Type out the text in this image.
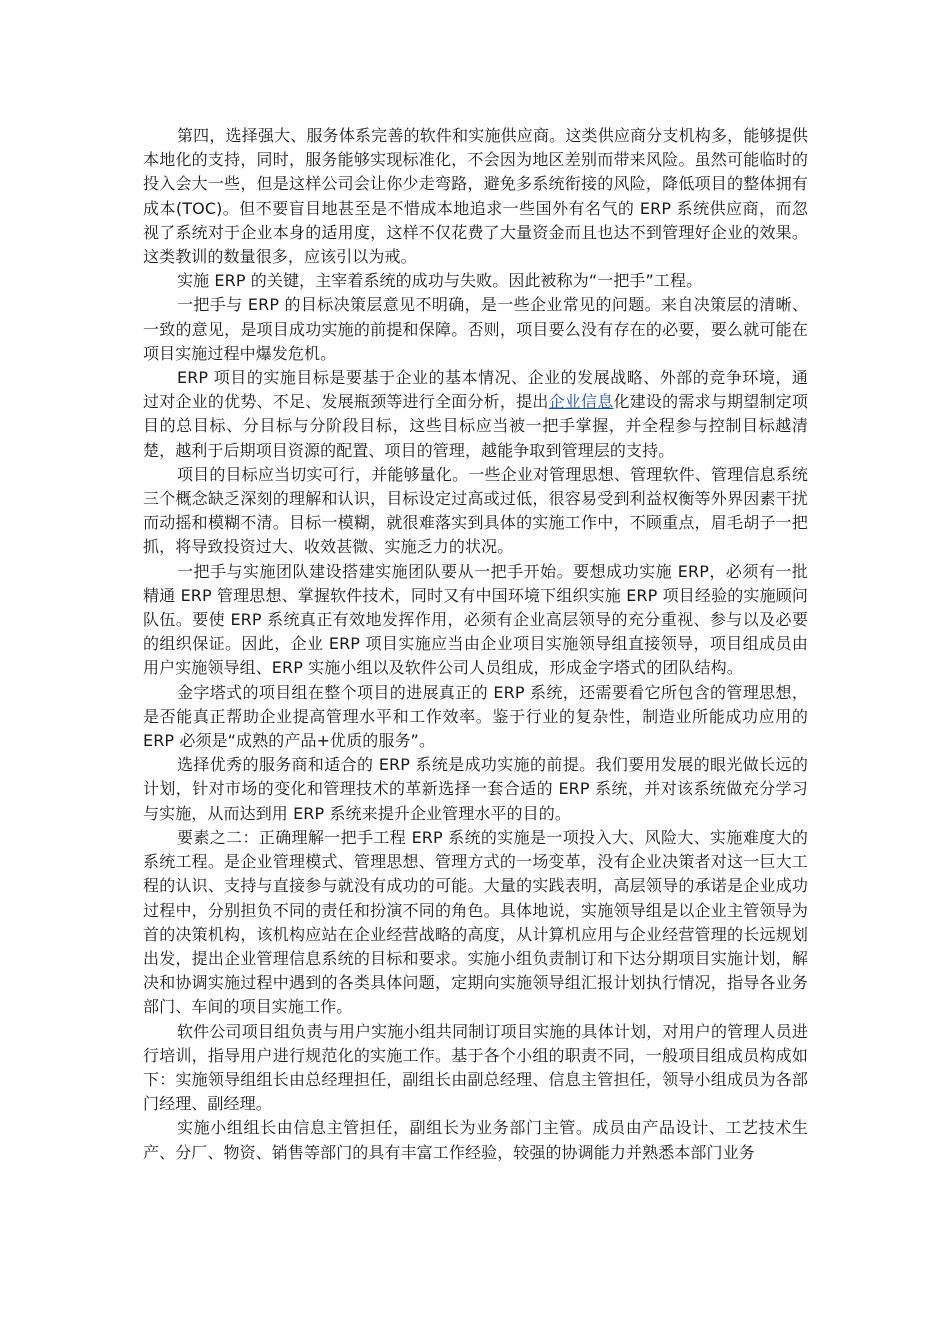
第四，选择强大、服务体系完善的软件和实施供应商。这类供应商分支机构多，能够提供本地化的支持，同时，服务能够实现标准化，不会因为地区差别而带来风险。虽然可能临时的投入会大一些，但是这样公司会让你少走弯路，避免多系统衔接的风险，降低项目的整体拥有成本(TOC)。但不要盲目地甚至是不惜成本地追求一些国外有名气的 ERP 系统供应商，而忽视了系统对于企业本身的适用度，这样不仅花费了大量资金而且也达不到管理好企业的效果。这类教训的数量很多，应该引以为戒。

实施 ERP 的关键，主宰着系统的成功与失败。因此被称为“一把手”工程。

一把手与 ERP 的目标决策层意见不明确，是一些企业常见的问题。来自决策层的清晰、一致的意见，是项目成功实施的前提和保障。否则，项目要么没有存在的必要，要么就可能在项目实施过程中爆发危机。

ERP 项目的实施目标是要基于企业的基本情况、企业的发展战略、外部的竞争环境，通过对企业的优势、不足、发展瓶颈等进行全面分析，提出企业信息化建设的需求与期望制定项目的总目标、分目标与分阶段目标，这些目标应当被一把手掌握，并全程参与控制目标越清楚，越利于后期项目资源的配置、项目的管理，越能争取到管理层的支持。

项目的目标应当切实可行，并能够量化。一些企业对管理思想、管理软件、管理信息系统三个概念缺乏深刻的理解和认识，目标设定过高或过低，很容易受到利益权衡等外界因素干扰而动摇和模糊不清。目标一模糊，就很难落实到具体的实施工作中，不顾重点，眉毛胡子一把抓，将导致投资过大、收效甚微、实施乏力的状况。

一把手与实施团队建设搭建实施团队要从一把手开始。要想成功实施 ERP，必须有一批精通 ERP 管理思想、掌握软件技术，同时又有中国环境下组织实施 ERP 项目经验的实施顾问队伍。要使 ERP 系统真正有效地发挥作用，必须有企业高层领导的充分重视、参与以及必要的组织保证。因此，企业 ERP 项目实施应当由企业项目实施领导组直接领导，项目组成员由用户实施领导组、ERP 实施小组以及软件公司人员组成，形成金字塔式的团队结构。

金字塔式的项目组在整个项目的进展真正的 ERP 系统，还需要看它所包含的管理思想，是否能真正帮助企业提高管理水平和工作效率。鉴于行业的复杂性，制造业所能成功应用的 ERP 必须是“成熟的产品+优质的服务”。

选择优秀的服务商和适合的 ERP 系统是成功实施的前提。我们要用发展的眼光做长远的计划，针对市场的变化和管理技术的革新选择一套合适的 ERP 系统，并对该系统做充分学习与实施，从而达到用 ERP 系统来提升企业管理水平的目的。

要素之二：正确理解一把手工程 ERP 系统的实施是一项投入大、风险大、实施难度大的系统工程。是企业管理模式、管理思想、管理方式的一场变革，没有企业决策者对这一巨大工程的认识、支持与直接参与就没有成功的可能。大量的实践表明，高层领导的承诺是企业成功过程中，分别担负不同的责任和扮演不同的角色。具体地说，实施领导组是以企业主管领导为首的决策机构，该机构应站在企业经营战略的高度，从计算机应用与企业经营管理的长远规划出发，提出企业管理信息系统的目标和要求。实施小组负责制订和下达分期项目实施计划，解决和协调实施过程中遇到的各类具体问题，定期向实施领导组汇报计划执行情况，指导各业务部门、车间的项目实施工作。

软件公司项目组负责与用户实施小组共同制订项目实施的具体计划，对用户的管理人员进行培训，指导用户进行规范化的实施工作。基于各个小组的职责不同，一般项目组成员构成如下：实施领导组组长由总经理担任，副组长由副总经理、信息主管担任，领导小组成员为各部门经理、副经理。

实施小组组长由信息主管担任，副组长为业务部门主管。成员由产品设计、工艺技术生产、分厂、物资、销售等部门的具有丰富工作经验，较强的协调能力并熟悉本部门业务
